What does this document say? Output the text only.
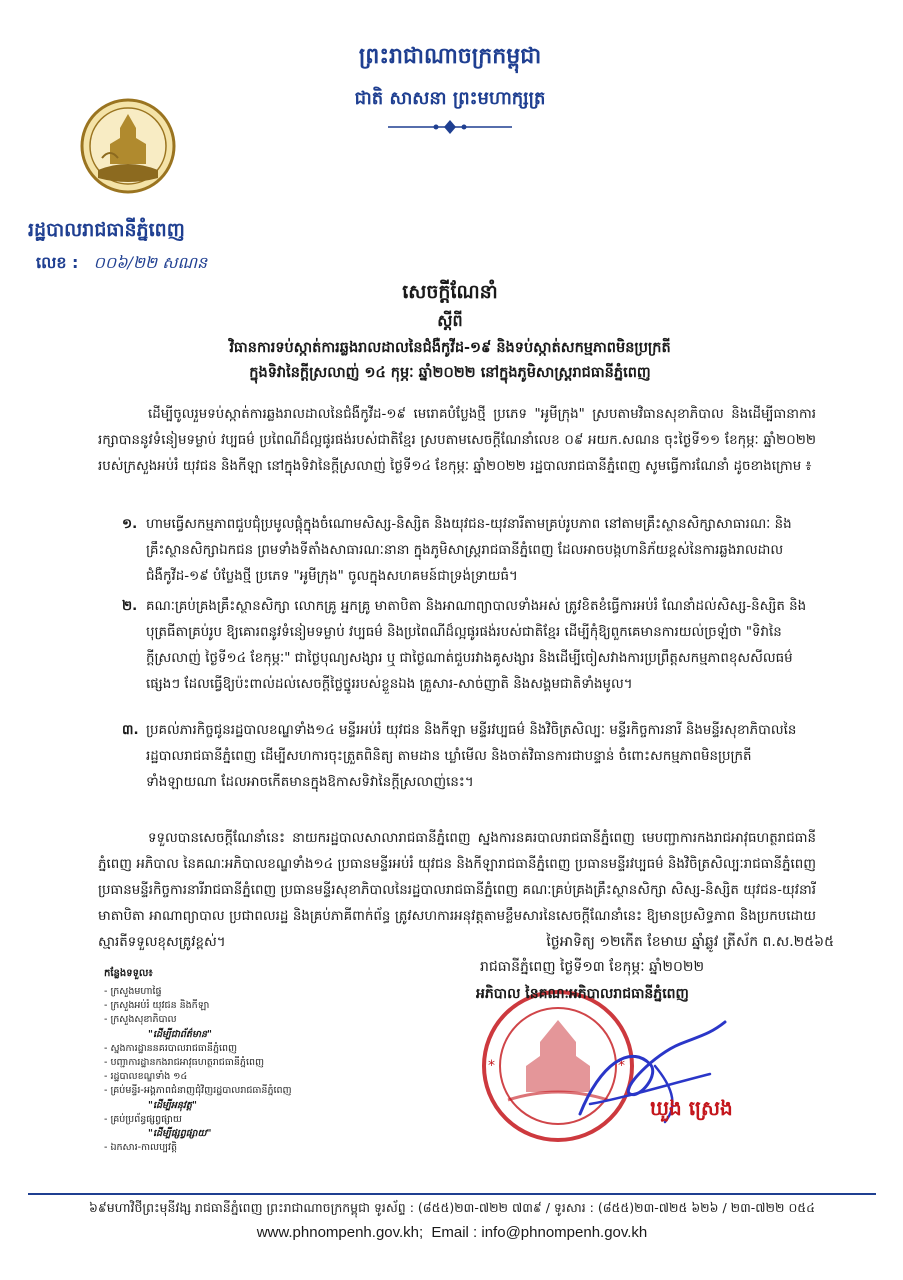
ព្រះរាជាណាចក្រកម្ពុជា
ជាតិ សាសនា ព្រះមហាក្សត្រ
រដ្ឋបាលរាជធានីភ្នំពេញ
លេខ : ០០៦/២២ សណន
សេចក្ដីណែនាំ
ស្ដីពី
វិធានការទប់ស្កាត់ការឆ្លងរាលដាលនៃជំងឺកូវីដ-១៩ និងទប់ស្កាត់សកម្មភាពមិនប្រក្រតី
ក្នុងទិវានៃក្ដីស្រលាញ់ ១៤ កុម្ភៈ ឆ្នាំ២០២២ នៅក្នុងភូមិសាស្ត្ររាជធានីភ្នំពេញ

ដើម្បីចូលរួមទប់ស្កាត់ការឆ្លងរាលដាលនៃជំងឺកូវីដ-១៩ មេរោគបំប្លែងថ្មី ប្រភេទ "អូមីក្រុង" ស្របតាមវិធានសុខាភិបាល និងដើម្បីធានាការរក្សាបាននូវទំនៀមទម្លាប់ វប្បធម៌ ប្រពៃណីដ៏ល្អផូរផង់របស់ជាតិខ្មែរ ស្របតាមសេចក្ដីណែនាំលេខ ០៩ អយក.សណន ចុះថ្ងៃទី១១ ខែកុម្ភៈ ឆ្នាំ២០២២ របស់ក្រសួងអប់រំ យុវជន និងកីឡា នៅក្នុងទិវានៃក្ដីស្រលាញ់ ថ្ងៃទី១៤ ខែកុម្ភៈ ឆ្នាំ២០២២ រដ្ឋបាលរាជធានីភ្នំពេញ សូមធ្វើការណែនាំ ដូចខាងក្រោម ៖

១. ហាមធ្វើសកម្មភាពជួបជុំប្រមូលផ្ដុំក្នុងចំណោមសិស្ស-និស្សិត និងយុវជន-យុវនារីតាមគ្រប់រូបភាព នៅតាមគ្រឹះស្ថានសិក្សាសាធារណៈ និងគ្រឹះស្ថានសិក្សាឯកជន ព្រមទាំងទីតាំងសាធារណៈនានា ក្នុងភូមិសាស្ត្ររាជធានីភ្នំពេញ ដែលអាចបង្កហានិភ័យខ្ពស់នៃការឆ្លងរាលដាលជំងឺកូវីដ-១៩ បំប្លែងថ្មី ប្រភេទ "អូមីក្រុង" ចូលក្នុងសហគមន៍ជាទ្រង់ទ្រាយធំ។
២. គណៈគ្រប់គ្រងគ្រឹះស្ថានសិក្សា លោកគ្រូ អ្នកគ្រូ មាតាបិតា និងអាណាព្យាបាលទាំងអស់ ត្រូវខិតខំធ្វើការអប់រំ ណែនាំដល់សិស្ស-និស្សិត និងបុត្រធីតាគ្រប់រូប ឱ្យគោរពនូវទំនៀមទម្លាប់ វប្បធម៌ និងប្រពៃណីដ៏ល្អផូរផង់របស់ជាតិខ្មែរ ដើម្បីកុំឱ្យពួកគេមានការយល់ច្រឡំថា "ទិវានៃក្ដីស្រលាញ់ ថ្ងៃទី១៤ ខែកុម្ភៈ" ជាថ្ងៃបុណ្យសង្សារ ឬ ជាថ្ងៃណាត់ជួបរវាងគូសង្សារ និងដើម្បីចៀសវាងការប្រព្រឹត្តសកម្មភាពខុសសីលធម៌ផ្សេងៗ ដែលធ្វើឱ្យប៉ះពាល់ដល់សេចក្ដីថ្លៃថ្នូររបស់ខ្លួនឯង គ្រួសារ-សាច់ញាតិ និងសង្គមជាតិទាំងមូល។
៣. ប្រគល់ភារកិច្ចជូនរដ្ឋបាលខណ្ឌទាំង១៤ មន្ទីរអប់រំ យុវជន និងកីឡា មន្ទីរវប្បធម៌ និងវិចិត្រសិល្បៈ មន្ទីរកិច្ចការនារី និងមន្ទីរសុខាភិបាលនៃរដ្ឋបាលរាជធានីភ្នំពេញ ដើម្បីសហការចុះត្រួតពិនិត្យ តាមដាន ឃ្លាំមើល និងចាត់វិធានការជាបន្ទាន់ ចំពោះសកម្មភាពមិនប្រក្រតីទាំងឡាយណា ដែលអាចកើតមានក្នុងឱកាសទិវានៃក្ដីស្រលាញ់នេះ។

ទទួលបានសេចក្ដីណែនាំនេះ នាយករដ្ឋបាលសាលារាជធានីភ្នំពេញ ស្នងការនគរបាលរាជធានីភ្នំពេញ មេបញ្ជាការកងរាជអាវុធហត្ថរាជធានីភ្នំពេញ អភិបាល នៃគណៈអភិបាលខណ្ឌទាំង១៤ ប្រធានមន្ទីរអប់រំ យុវជន និងកីឡារាជធានីភ្នំពេញ ប្រធានមន្ទីរវប្បធម៌ និងវិចិត្រសិល្បៈរាជធានីភ្នំពេញ ប្រធានមន្ទីរកិច្ចការនារីរាជធានីភ្នំពេញ ប្រធានមន្ទីរសុខាភិបាលនៃរដ្ឋបាលរាជធានីភ្នំពេញ គណៈគ្រប់គ្រងគ្រឹះស្ថានសិក្សា សិស្ស-និស្សិត យុវជន-យុវនារី មាតាបិតា អាណាព្យាបាល ប្រជាពលរដ្ឋ និងគ្រប់ភាគីពាក់ព័ន្ធ ត្រូវសហការអនុវត្តតាមខ្លឹមសារនៃសេចក្ដីណែនាំនេះ ឱ្យមានប្រសិទ្ធភាព និងប្រកបដោយស្មារតីទទួលខុសត្រូវខ្ពស់។	ថ្ងៃអាទិត្យ ១២កើត ខែមាឃ ឆ្នាំឆ្លូវ ត្រីស័ក ព.ស.២៥៦៥
*	*
រាជធានីភ្នំពេញ ថ្ងៃទី១៣ ខែកុម្ភៈ ឆ្នាំ២០២២
អភិបាល នៃគណៈអភិបាលរាជធានីភ្នំពេញ
ឃួង ស្រេង
កន្លែងទទួល៖
- ក្រសួងមហាផ្ទៃ
- ក្រសួងអប់រំ យុវជន និងកីឡា
- ក្រសួងសុខាភិបាល
"ដើម្បីជាព័ត៌មាន"
- ស្នងការដ្ឋាននគរបាលរាជធានីភ្នំពេញ
- បញ្ជាការដ្ឋានកងរាជអាវុធហត្ថរាជធានីភ្នំពេញ
- រដ្ឋបាលខណ្ឌទាំង ១៤
- គ្រប់មន្ទីរ-អង្គភាពជំនាញជុំវិញរដ្ឋបាលរាជធានីភ្នំពេញ
"ដើម្បីអនុវត្ត"
- គ្រប់ប្រព័ន្ធផ្សព្វផ្សាយ
"ដើម្បីផ្សព្វផ្សាយ"
- ឯកសារ-កាលប្បវត្តិ
៦៩មហាវិថីព្រះមុនីវង្ស រាជធានីភ្នំពេញ ព្រះរាជាណាចក្រកម្ពុជា ទូរស័ព្ទ : (៨៥៥)២៣-៧២២ ៧៣៩ / ទូរសារ : (៨៥៥)២៣-៧២៥ ៦២៦ / ២៣-៧២២ ០៥៤
www.phnompenh.gov.kh; Email : info@phnompenh.gov.kh
